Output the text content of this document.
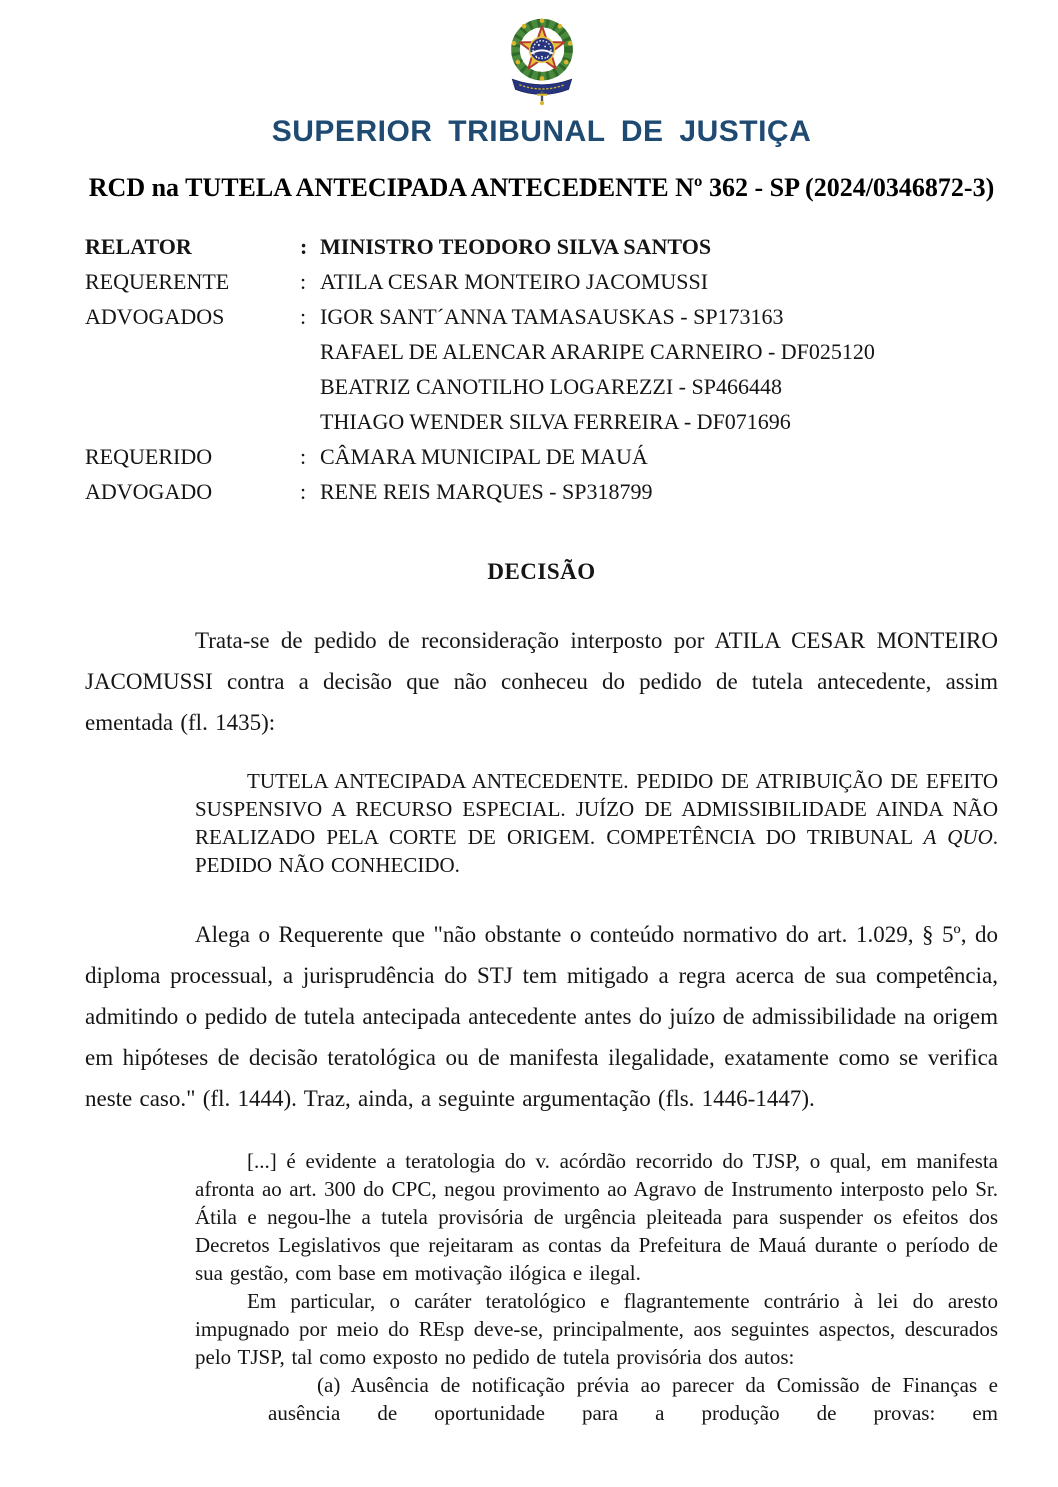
SUPERIOR TRIBUNAL DE JUSTIÇA
RCD na TUTELA ANTECIPADA ANTECEDENTE Nº 362 - SP (2024/0346872-3)
RELATOR	: MINISTRO TEODORO SILVA SANTOS
REQUERENTE	: ATILA CESAR MONTEIRO JACOMUSSI
ADVOGADOS	: IGOR SANT´ANNA TAMASAUSKAS - SP173163
RAFAEL DE ALENCAR ARARIPE CARNEIRO - DF025120
BEATRIZ CANOTILHO LOGAREZZI - SP466448
THIAGO WENDER SILVA FERREIRA - DF071696
REQUERIDO	: CÂMARA MUNICIPAL DE MAUÁ
ADVOGADO	: RENE REIS MARQUES - SP318799
DECISÃO

Trata-se de pedido de reconsideração interposto por ATILA CESAR MONTEIRO JACOMUSSI contra a decisão que não conheceu do pedido de tutela antecedente, assim ementada (fl. 1435):

TUTELA ANTECIPADA ANTECEDENTE. PEDIDO DE ATRIBUIÇÃO DE EFEITO SUSPENSIVO A RECURSO ESPECIAL. JUÍZO DE ADMISSIBILIDADE AINDA NÃO REALIZADO PELA CORTE DE ORIGEM. COMPETÊNCIA DO TRIBUNAL A QUO. PEDIDO NÃO CONHECIDO.

Alega o Requerente que "não obstante o conteúdo normativo do art. 1.029, § 5º, do diploma processual, a jurisprudência do STJ tem mitigado a regra acerca de sua competência, admitindo o pedido de tutela antecipada antecedente antes do juízo de admissibilidade na origem em hipóteses de decisão teratológica ou de manifesta ilegalidade, exatamente como se verifica neste caso." (fl. 1444). Traz, ainda, a seguinte argumentação (fls. 1446-1447).

[...] é evidente a teratologia do v. acórdão recorrido do TJSP, o qual, em manifesta afronta ao art. 300 do CPC, negou provimento ao Agravo de Instrumento interposto pelo Sr. Átila e negou-lhe a tutela provisória de urgência pleiteada para suspender os efeitos dos Decretos Legislativos que rejeitaram as contas da Prefeitura de Mauá durante o período de sua gestão, com base em motivação ilógica e ilegal.

Em particular, o caráter teratológico e flagrantemente contrário à lei do aresto impugnado por meio do REsp deve-se, principalmente, aos seguintes aspectos, descurados pelo TJSP, tal como exposto no pedido de tutela provisória dos autos:

(a) Ausência de notificação prévia ao parecer da Comissão de Finanças e ausência de oportunidade para a produção de provas: em
